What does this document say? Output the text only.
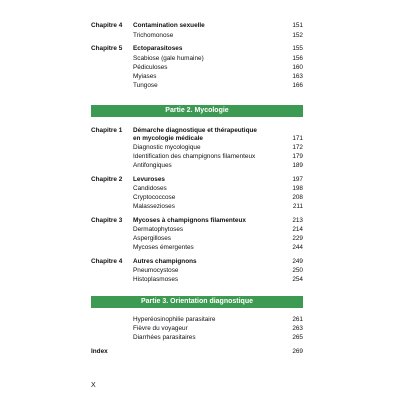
Chapitre 4 Contamination sexuelle	151
Trichomonose	152
Chapitre 5 Ectoparasitoses	155
Scabiose (gale humaine)	156
Pédiculoses	160
Myiases	163
Tungose	166
Partie 2. Mycologie
Chapitre 1 Démarche diagnostique et thérapeutique
en mycologie médicale	171
Diagnostic mycologique	172
Identification des champignons filamenteux	179
Antifongiques	189
Chapitre 2 Levuroses	197
Candidoses	198
Cryptococcose	208
Malassezioses	211
Chapitre 3 Mycoses à champignons filamenteux	213
Dermatophytoses	214
Aspergilloses	229
Mycoses émergentes	244
Chapitre 4 Autres champignons	249
Pneumocystose	250
Histoplasmoses	254
Partie 3. Orientation diagnostique
Hyperéosinophilie parasitaire	261
Fièvre du voyageur	263
Diarrhées parasitaires	265
Index	269
X
